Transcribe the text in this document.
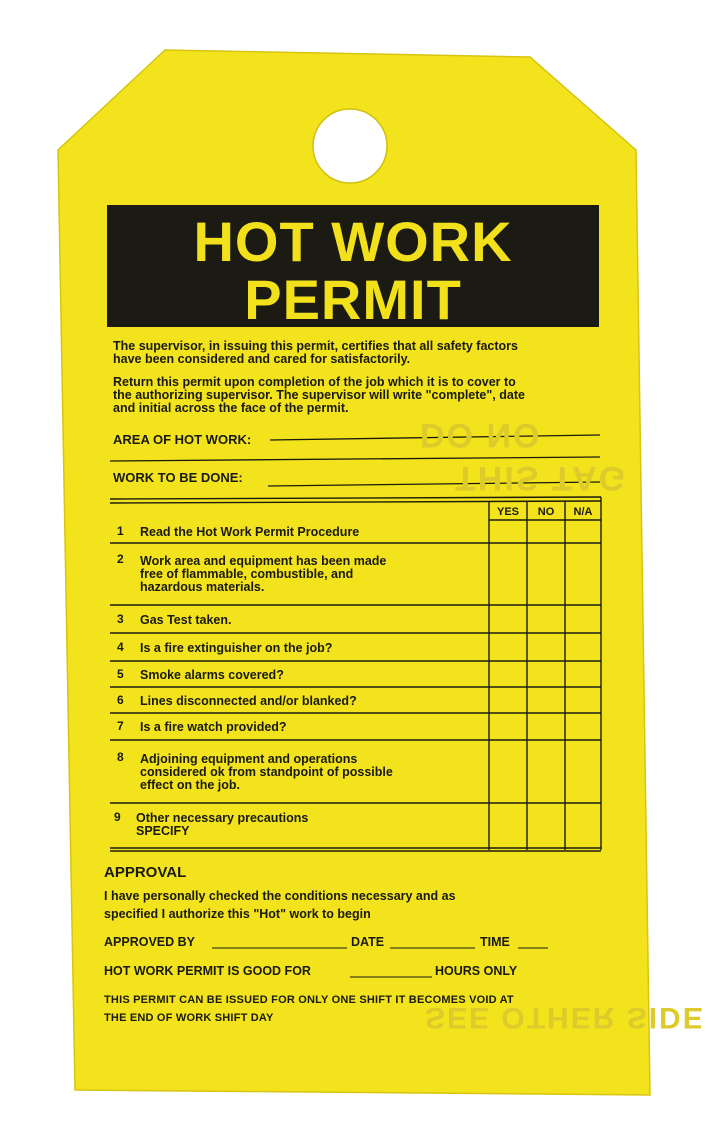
DO NO
THIS TAG
SEE OTHER SIDE
HOT WORK
PERMIT
The supervisor, in issuing this permit, certifies that all safety factors
have been considered and cared for satisfactorily.
Return this permit upon completion of the job which it is to cover to
the authorizing supervisor. The supervisor will write "complete", date
and initial across the face of the permit.
AREA OF HOT WORK:
WORK TO BE DONE:
YES	NO	N/A
1 Read the Hot Work Permit Procedure
2 Work area and equipment has been made
free of flammable, combustible, and
hazardous materials.
3 Gas Test taken.
4 Is a fire extinguisher on the job?
5 Smoke alarms covered?
6 Lines disconnected and/or blanked?
7 Is a fire watch provided?
8 Adjoining equipment and operations
considered ok from standpoint of possible
effect on the job.
9 Other necessary precautions
SPECIFY
APPROVAL
I have personally checked the conditions necessary and as
specified I authorize this "Hot" work to begin
APPROVED BY	DATE	TIME
HOT WORK PERMIT IS GOOD FOR	HOURS ONLY
THIS PERMIT CAN BE ISSUED FOR ONLY ONE SHIFT IT BECOMES VOID AT
THE END OF WORK SHIFT DAY
